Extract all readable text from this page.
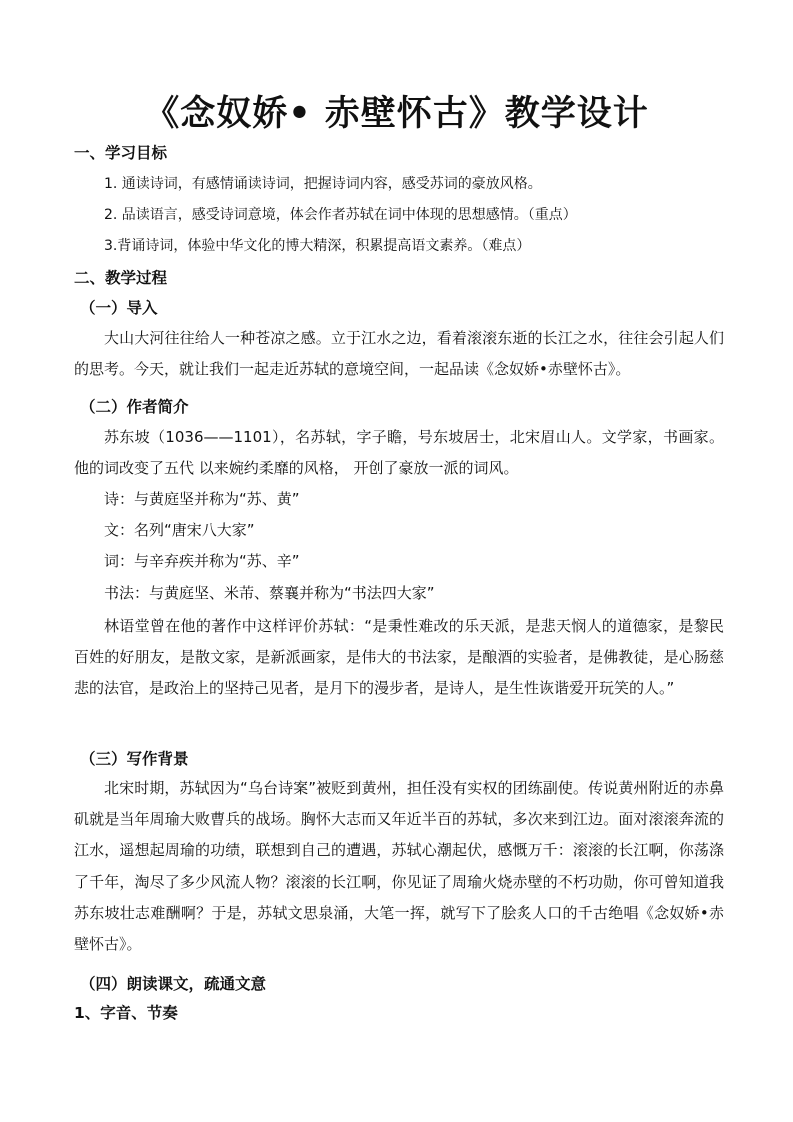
《念奴娇• 赤壁怀古》教学设计
一、学习目标
1. 通读诗词，有感情诵读诗词，把握诗词内容，感受苏词的豪放风格。
2. 品读语言，感受诗词意境，体会作者苏轼在词中体现的思想感情。（重点）
3.背诵诗词，体验中华文化的博大精深，积累提高语文素养。（难点）
二、教学过程
（一）导入

大山大河往往给人一种苍凉之感。立于江水之边，看着滚滚东逝的长江之水，往往会引起人们的思考。今天，就让我们一起走近苏轼的意境空间，一起品读《念奴娇•赤壁怀古》。

（二）作者简介

苏东坡（1036——1101），名苏轼，字子瞻，号东坡居士，北宋眉山人。文学家，书画家。他的词改变了五代 以来婉约柔靡的风格， 开创了豪放一派的词风。

诗：与黄庭坚并称为“苏、黄”
文：名列“唐宋八大家”
词：与辛弃疾并称为“苏、辛”
书法：与黄庭坚、米芾、蔡襄并称为“书法四大家”

林语堂曾在他的著作中这样评价苏轼：“是秉性难改的乐天派，是悲天悯人的道德家，是黎民百姓的好朋友，是散文家，是新派画家，是伟大的书法家，是酿酒的实验者，是佛教徒，是心肠慈悲的法官，是政治上的坚持己见者，是月下的漫步者，是诗人，是生性诙谐爱开玩笑的人。”

（三）写作背景

北宋时期，苏轼因为“乌台诗案”被贬到黄州，担任没有实权的团练副使。传说黄州附近的赤鼻矶就是当年周瑜大败曹兵的战场。胸怀大志而又年近半百的苏轼，多次来到江边。面对滚滚奔流的江水，遥想起周瑜的功绩，联想到自己的遭遇，苏轼心潮起伏，感慨万千：滚滚的长江啊，你荡涤了千年，淘尽了多少风流人物？滚滚的长江啊，你见证了周瑜火烧赤壁的不朽功勋，你可曾知道我苏东坡壮志难酬啊？于是，苏轼文思泉涌，大笔一挥，就写下了脍炙人口的千古绝唱《念奴娇•赤壁怀古》。

（四）朗读课文，疏通文意
1、字音、节奏
